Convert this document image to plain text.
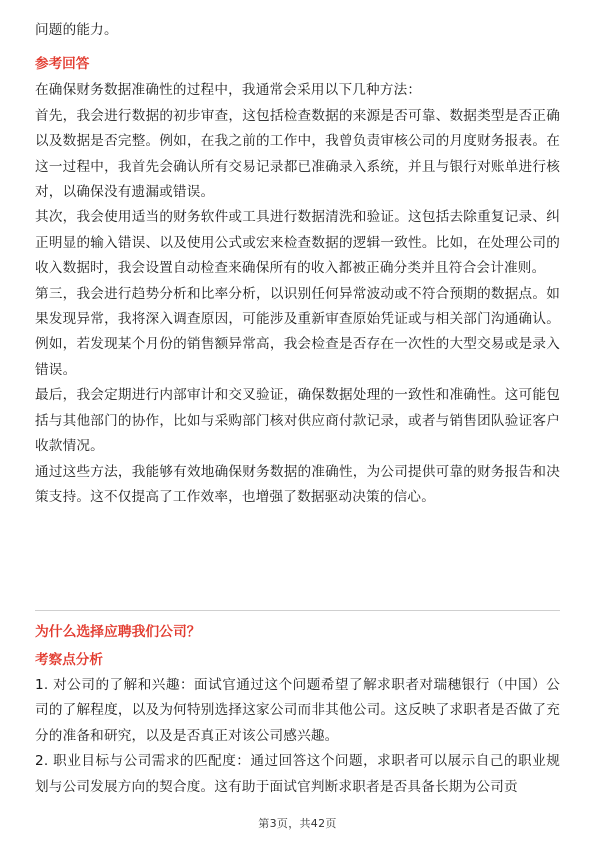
问题的能力。

参考回答

在确保财务数据准确性的过程中，我通常会采用以下几种方法：

首先，我会进行数据的初步审查，这包括检查数据的来源是否可靠、数据类型是否正确以及数据是否完整。例如，在我之前的工作中，我曾负责审核公司的月度财务报表。在这一过程中，我首先会确认所有交易记录都已准确录入系统，并且与银行对账单进行核对，以确保没有遗漏或错误。

其次，我会使用适当的财务软件或工具进行数据清洗和验证。这包括去除重复记录、纠正明显的输入错误、以及使用公式或宏来检查数据的逻辑一致性。比如，在处理公司的收入数据时，我会设置自动检查来确保所有的收入都被正确分类并且符合会计准则。

第三，我会进行趋势分析和比率分析，以识别任何异常波动或不符合预期的数据点。如果发现异常，我将深入调查原因，可能涉及重新审查原始凭证或与相关部门沟通确认。例如，若发现某个月份的销售额异常高，我会检查是否存在一次性的大型交易或是录入错误。

最后，我会定期进行内部审计和交叉验证，确保数据处理的一致性和准确性。这可能包括与其他部门的协作，比如与采购部门核对供应商付款记录，或者与销售团队验证客户收款情况。

通过这些方法，我能够有效地确保财务数据的准确性，为公司提供可靠的财务报告和决策支持。这不仅提高了工作效率，也增强了数据驱动决策的信心。

为什么选择应聘我们公司？

考察点分析

1. 对公司的了解和兴趣：面试官通过这个问题希望了解求职者对瑞穗银行（中国）公司的了解程度，以及为何特别选择这家公司而非其他公司。这反映了求职者是否做了充分的准备和研究，以及是否真正对该公司感兴趣。

2. 职业目标与公司需求的匹配度：通过回答这个问题，求职者可以展示自己的职业规划与公司发展方向的契合度。这有助于面试官判断求职者是否具备长期为公司贡

第3页，共42页
